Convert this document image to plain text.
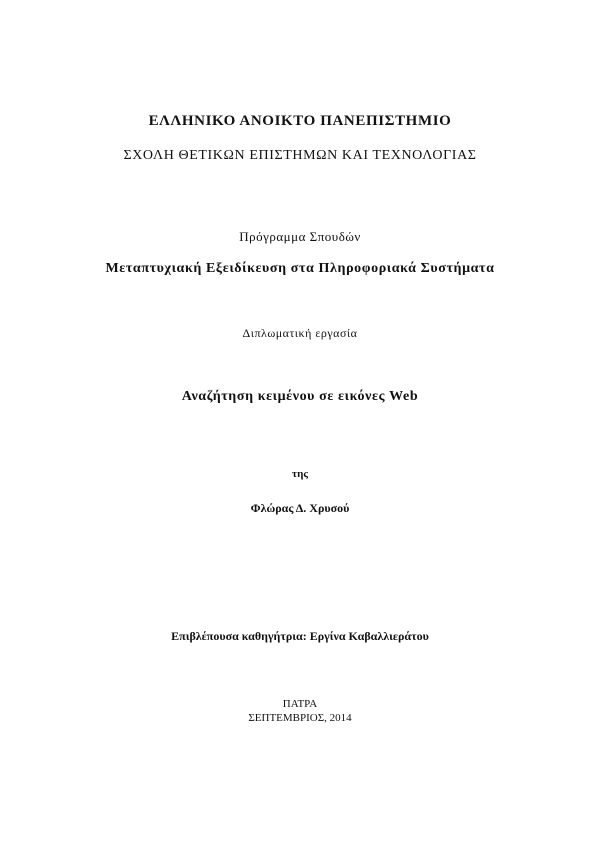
ΕΛΛΗΝΙΚΟ ΑΝΟΙΚΤΟ ΠΑΝΕΠΙΣΤΗΜΙΟ
ΣΧΟΛΗ ΘΕΤΙΚΩΝ ΕΠΙΣΤΗΜΩΝ ΚΑΙ ΤΕΧΝΟΛΟΓΙΑΣ
Πρόγραμμα Σπουδών
Μεταπτυχιακή Εξειδίκευση στα Πληροφοριακά Συστήματα
Διπλωματική εργασία
Αναζήτηση κειμένου σε εικόνες Web
της
Φλώρας Δ. Χρυσού
Επιβλέπουσα καθηγήτρια: Εργίνα Καβαλλιεράτου
ΠΑΤΡΑ
ΣΕΠΤΕΜΒΡΙΟΣ, 2014
